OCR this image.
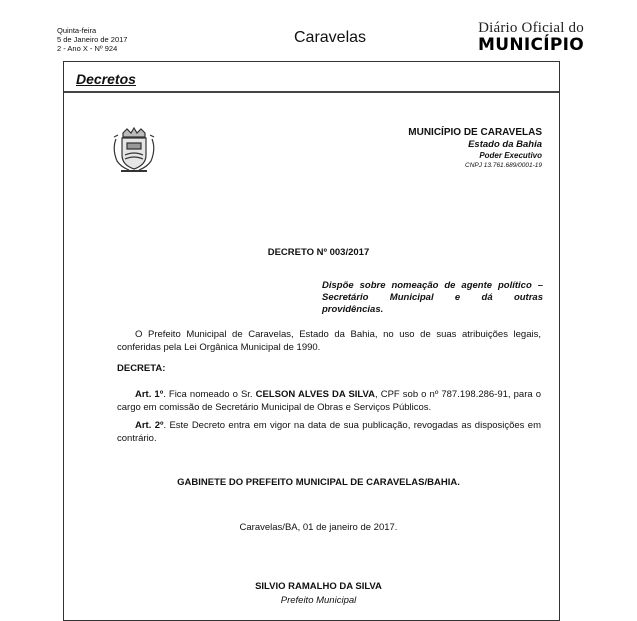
Quinta-feira
5 de Janeiro de 2017
2 - Ano X - Nº 924
Caravelas
Diário Oficial do
MUNICÍPIO
Decretos
MUNICÍPIO DE CARAVELAS
Estado da Bahia
Poder Executivo
CNPJ 13.761.689/0001-19
DECRETO Nº 003/2017
Dispõe sobre nomeação de agente político –
Secretário Municipal e dá outras
providências.
O Prefeito Municipal de Caravelas, Estado da Bahia, no uso de suas atribuições legais, conferidas pela Lei Orgânica Municipal de 1990.
DECRETA:
Art. 1º. Fica nomeado o Sr. CELSON ALVES DA SILVA, CPF sob o nº 787.198.286-91, para o cargo em comissão de Secretário Municipal de Obras e Serviços Públicos.
Art. 2º. Este Decreto entra em vigor na data de sua publicação, revogadas as disposições em contrário.
GABINETE DO PREFEITO MUNICIPAL DE CARAVELAS/BAHIA.
Caravelas/BA, 01 de janeiro de 2017.
SILVIO RAMALHO DA SILVA
Prefeito Municipal
